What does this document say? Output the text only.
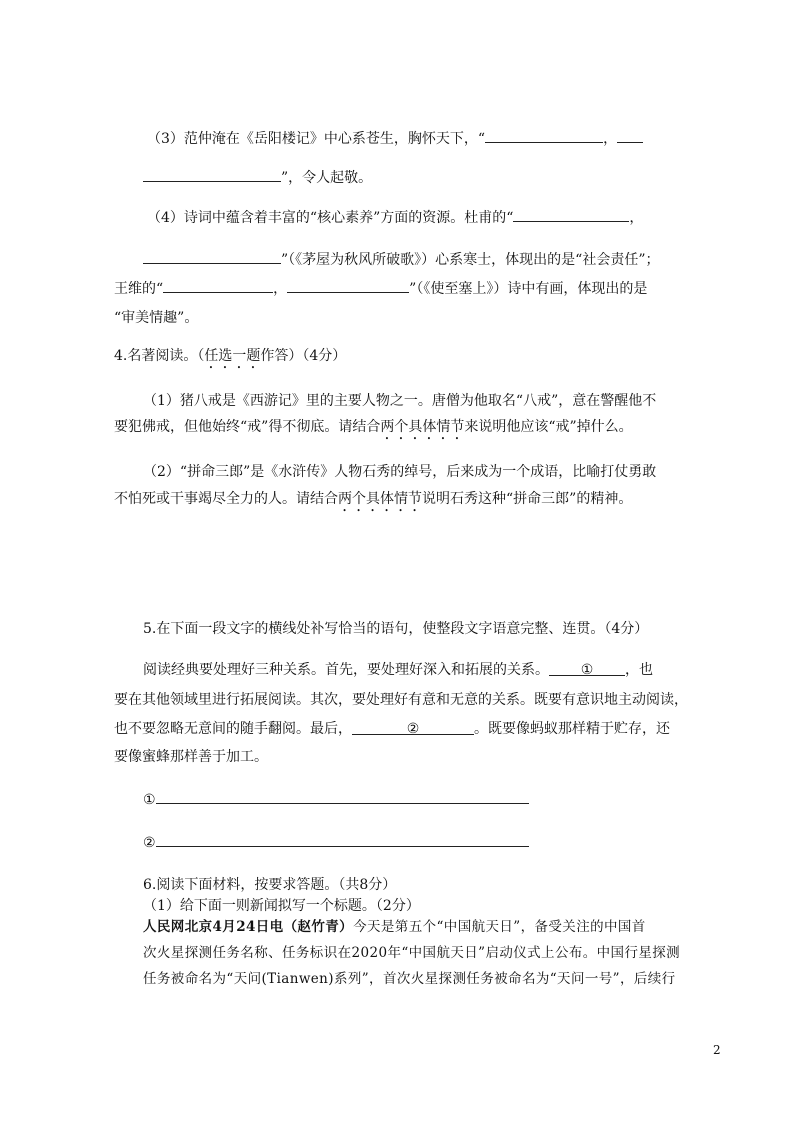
（3）范仲淹在《岳阳楼记》中心系苍生，胸怀天下，“	，
”，令人起敬。
（4）诗词中蕴含着丰富的“核心素养”方面的资源。杜甫的“	，
”（《茅屋为秋风所破歌》）心系寒士，体现出的是“社会责任”；
王维的“	，	”（《使至塞上》）诗中有画，体现出的是
“审美情趣”。
4.名著阅读。（任选一题作答）（4分）
（1）猪八戒是《西游记》里的主要人物之一。唐僧为他取名“八戒”，意在警醒他不
要犯佛戒，但他始终“戒”得不彻底。请结合两个具体情节来说明他应该“戒”掉什么。
（2）“拼命三郎”是《水浒传》人物石秀的绰号，后来成为一个成语，比喻打仗勇敢
不怕死或干事竭尽全力的人。请结合两个具体情节说明石秀这种“拼命三郎”的精神。
5.在下面一段文字的横线处补写恰当的语句，使整段文字语意完整、连贯。（4分）
阅读经典要处理好三种关系。首先，要处理好深入和拓展的关系。 ① ，也
要在其他领域里进行拓展阅读。其次，要处理好有意和无意的关系。既要有意识地主动阅读，
也不要忽略无意间的随手翻阅。最后，	②	。既要像蚂蚁那样精于贮存，还
要像蜜蜂那样善于加工。
①
②
6.阅读下面材料，按要求答题。（共8分）
（1）给下面一则新闻拟写一个标题。（2分）
人民网北京4月24日电（赵竹青）今天是第五个“中国航天日”，备受关注的中国首
次火星探测任务名称、任务标识在2020年“中国航天日”启动仪式上公布。中国行星探测
任务被命名为“天问(Tianwen)系列”，首次火星探测任务被命名为“天问一号”，后续行
2
